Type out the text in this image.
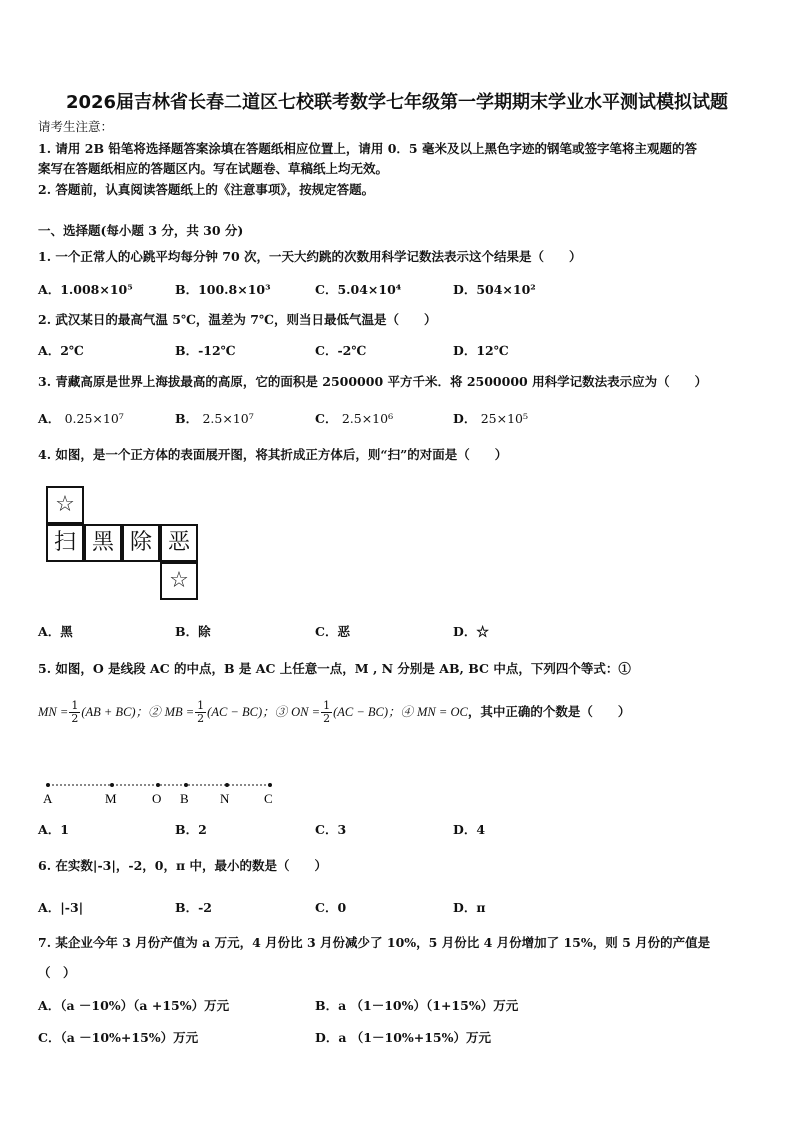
2026届吉林省长春二道区七校联考数学七年级第一学期期末学业水平测试模拟试题
请考生注意：
1. 请用 2B 铅笔将选择题答案涂填在答题纸相应位置上，请用 0．5 毫米及以上黑色字迹的钢笔或签字笔将主观题的答
案写在答题纸相应的答题区内。写在试题卷、草稿纸上均无效。
2. 答题前，认真阅读答题纸上的《注意事项》，按规定答题。
一、选择题(每小题 3 分，共 30 分)
1. 一个正常人的心跳平均每分钟 70 次，一天大约跳的次数用科学记数法表示这个结果是（　　）
A．1.008×10⁵	B．100.8×10³	C．5.04×10⁴	D．504×10²
2. 武汉某日的最高气温 5℃，温差为 7℃，则当日最低气温是（　　）
A．2℃	B．-12℃	C．-2℃	D．12℃
3. 青藏高原是世界上海拔最高的高原，它的面积是 2500000 平方千米．将 2500000 用科学记数法表示应为（　　）
A． 0.25×10⁷	B． 2.5×10⁷	C． 2.5×10⁶	D． 25×10⁵
4. 如图，是一个正方体的表面展开图，将其折成正方体后，则“扫”的对面是（　　）
☆
扫 黑 除 恶
☆
A．黑	B．除	C．恶	D．☆
5. 如图，O 是线段 AC 的中点，B 是 AC 上任意一点，M , N 分别是 AB, BC 中点，下列四个等式：①
MN = $\frac{1}{2} (AB + BC)$；② MB = $\frac{1}{2} (AC - BC)$；③ ON = $\frac{1}{2} (AC - BC)$；④ MN = OC，其中正确的个数是（　　）
A	M	O B N	C
A．1	B．2	C．3	D．4
6. 在实数|-3|，-2，0，π 中，最小的数是（　　）
A．|-3|	B．-2	C．0	D．π
7. 某企业今年 3 月份产值为 a 万元，4 月份比 3 月份减少了 10%，5 月份比 4 月份增加了 15%，则 5 月份的产值是
（　）
A．（a －10%）（a +15%）万元	B．a （1－10%）（1+15%）万元
C．（a －10%+15%）万元	D．a （1－10%+15%）万元
